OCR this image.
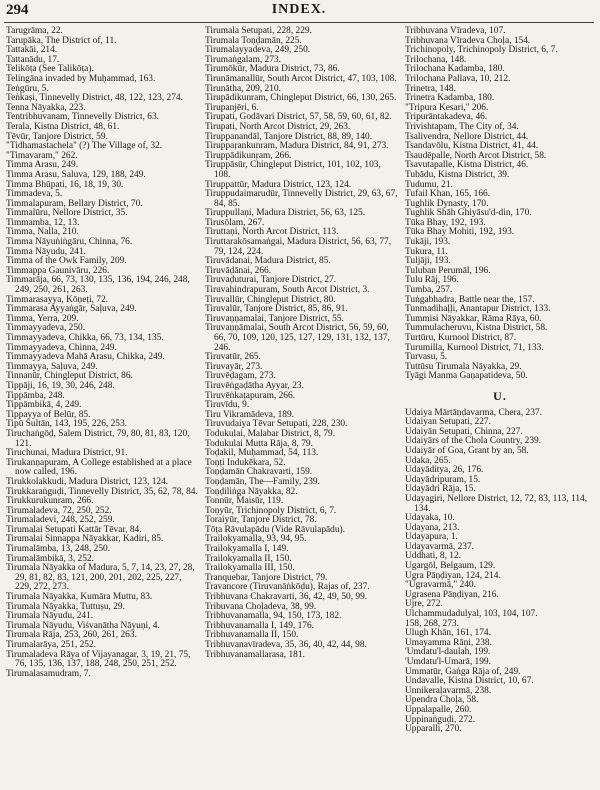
294	INDEX.

Tarugrāma, 22.

Tarupāka, The District of, 11.

Tattakāi, 214.

Tattanādu, 17.

Telikōṭa (See Talikōṭa).

Telingāna invaded by Muḥammad, 163.

Teṅgūru, 5.

Teṅkaṣi, Tinnevelly District, 48, 122, 123, 274.

Tenna Nāyakka, 223.

Tentribhuvanam, Tinnevelly District, 63.

Terala, Kistna District, 48, 61.

Tēvūr, Tanjore District, 59.

"Tidhamastachela" (?) The Village of, 32.

"Timavaram," 262.

Timma Arasu, 249.

Timma Arasu, Saluva, 129, 188, 249.

Timma Bhūpati, 16, 18, 19, 30.

Timmadeva, 5.

Timmalapuram, Bellary District, 70.

Timmalūru, Nellore District, 35.

Timmamba, 12, 13.

Timma, Nalla, 210.

Timma Nāyuṅiṅgāru, Chinna, 76.

Timma Nāyudu, 241.

Timma of the Owk Family, 209.

Timmappa Gaunivāru, 226.

Timmarāja, 66, 73, 130, 135, 136, 194, 246, 248, 249, 250, 261, 263.

Timmarasayya, Kōṇeṭi, 72.

Timmarasa Ayyaṅgār, Saḷuva, 249.

Timma, Yerra, 209.

Timmayyadeva, 250.

Timmayyadeva, Chikka, 66, 73, 134, 135.

Timmayyadeva, Chinna, 249.

Timmayyadeva Mahā Arasu, Chikka, 249.

Timmayya, Saḷuva, 249.

Tinnanūr, Chingleput District, 86.

Tippāji, 16, 19, 30, 246, 248.

Tippāmba, 248.

Tippāmbikā, 4, 249.

Tippayya of Belūr, 85.

Tipū Sultān, 143, 195, 226, 253.

Tiruchaṅgōḍ, Salem District, 79, 80, 81, 83, 120, 121.

Tiruchunai, Madura District, 91.

Tirukanṇapuram, A College established at a place now called, 196.

Tirukkolakkudi, Madura District, 123, 124.

Tirukkaraṅguḍi, Tinnevelly District, 35, 62, 78, 84.

Tirukkurukunram, 266.

Tirumaladeva, 72, 250, 252.

Tirumaladevi, 248, 252, 259.

Tirumalai Setupati Kattār Tēvar, 84.

Tirumalai Sinnappa Nāyakkar, Kadiri, 85.

Tirumalāmba, 13, 248, 250.

Tirumalāmbikā, 3, 252.

Tirumala Nāyakka of Madura, 5, 7, 14, 23, 27, 28, 29, 81, 82, 83, 121, 200, 201, 202, 225, 227, 229, 272, 273.

Tirumala Nāyakka, Kumāra Muttu, 83.

Tirumala Nāyakka, Tuttuṣu, 29.

Tirumala Nāyudu, 241.

Tirumala Nāyudu, Viśvanātha Nāyuṇi, 4.

Tirumala Rāja, 253, 260, 261, 263.

Tirumalarāya, 251, 252.

Tirumaladeva Rāya of Vijayanagar, 3, 19, 21, 75, 76, 135, 136, 137, 188, 248, 250, 251, 252.

Tirumalasamudram, 7.

Tirumala Setupati, 228, 229.

Tirumala Toṇḍamān, 225.

Tirumalayyadeva, 249, 250.

Tirumaṅgalam, 273.

Tirumōkūr, Madura District, 73, 86.

Tirunāmanallūr, South Arcot District, 47, 103, 108.

Tirunātha, 209, 210.

Tirupādikunram, Chingleput District, 66, 130, 265.

Tirupanjēri, 6.

Tirupati, Godāvari District, 57, 58, 59, 60, 61, 82.

Tirupati, North Arcot District, 29, 263.

Tiruppanandāl, Tanjore District, 88, 89, 140.

Tiruppaṛankunram, Madura District, 84, 91, 273.

Tiruppādikunṛam, 266.

Tiruppāsūr, Chingleput District, 101, 102, 103, 108.

Tiruppattūr, Madura District, 123, 124.

Tiruppudaimarudūr, Tinnevelly District, 29, 63, 67, 84, 85.

Tiruppullaṇi, Madura District, 56, 63, 125.

Tirusōlam, 267.

Tiruttaṇi, North Arcot District, 113.

Tiruttarakōsamaṅgai, Madura District, 56, 63, 77, 79, 124, 224.

Tiruvādanai, Madura District, 85.

Tiruvāḍānai, 266.

Tiruvaḍuturai, Tanjore District, 27.

Tiruvahindrapuram, South Arcot District, 3.

Tiruvallūr, Chingleput District, 80.

Tiruvalūr, Tanjore District, 85, 86, 91.

Tiruvaṇṇamalai, Tanjore District, 55.

Tiruvaṇṇāmalai, South Arcot District, 56, 59, 60, 66, 70, 109, 120, 125, 127, 129, 131, 132, 137, 246.

Tiruvatūr, 265.

Tiruvayār, 273.

Tiruvēḍagam, 273.

Tiruvēṅgaḍātha Ayyar, 23.

Tiruvēṅkaṭapuram, 266.

Tiruvīdu, 9.

Tiru Vikramādeva, 189.

Tiruvudaiya Tēvar Setupati, 228, 230.

Todukulai, Malabar District, 8, 79.

Todukulai Mutta Rāja, 8, 79.

Toḍakil, Muḥammad, 54, 113.

Toṇṭi Indukēkara, 52.

Toṇḍamān Chakravarti, 159.

Toṇḍamān, The—Family, 239.

Toṇḍiliṅga Nāyakka, 82.

Tonnūr, Maisūr, 119.

Toṇyūr, Trichinopoly District, 6, 7.

Toraiyūr, Tanjore District, 78.

Tōṭa Rāvulapādu (Vide Rāvulapādu).

Trailokyamalla, 93, 94, 95.

Trailokyamalla I, 149.

Trailokyamalla II, 150.

Trailokyamalla III, 150.

Tranquebar, Tanjore District, 79.

Travancore (Tiruvanāṅkōḍu), Rajas of, 237.

Tribhuvana Chakravarti, 36, 42, 49, 50, 99.

Tribuvana Choḷadeva, 38, 99.

Tribhuvanamalla, 94, 150, 173, 182.

Tribhuvanamalla I, 149, 176.

Tribhuvanamalla II, 150.

Tribhuvanavīradeva, 35, 36, 40, 42, 44, 98.

Tribhuvanamallarasa, 181.

Tribhuvana Vīradeva, 107.

Tribhuvana Vīradeva Choḷa, 154.

Trichinopoly, Trichinopoly District, 6, 7.

Trilochana, 148.

Trilochana Kadamba, 180.

Trilochana Pallava, 10, 212.

Trinetra, 148.

Trinetra Kadamba, 180.

"Tripura Kesari," 206.

Tripurāntakadeva, 46.

Trivishtapam, The City of, 34.

Tsalivendra, Nellore District, 44.

Tsandavōlu, Kistna District, 41, 44.

Tsaudēpalle, North Arcot District, 58.

Tsavutapalle, Kistna District, 46.

Tubādu, Kistna District, 39.

Tudumu, 21.

Tufail Khan, 165, 166.

Tughlik Dynasty, 170.

Tughlik Shāh Ghiyāsu'd-din, 170.

Tūka Bhay, 192, 193.

Tūka Bhay Mohiti, 192, 193.

Tukāji, 193.

Tukura, 11.

Tuljāji, 193.

Tuluban Perumāl, 196.

Tulu Rāj, 196.

Tumba, 257.

Tuṅgabhadra, Battle near the, 157.

Tunmadihaḷḷi, Anantapur District, 133.

Tummisi Nāyakkar, Rāma Rāya, 60.

Tummulacheruvu, Kistna District, 58.

Turtūru, Kurnool District, 87.

Turumilla, Kurnool District, 71, 133.

Turvasu, 5.

Tuttūsu Tirumala Nāyakka, 29.

Tyāgi Manma Gaṇapatideva, 50.

U.

Udaiya Mārtāṇḍavarma, Chera, 237.

Udaiyan Setupati, 227.

Udaiyān Setupati, Chinna, 227.

Udaiyārs of the Chola Country, 239.

Udaiyār of Goa, Grant by an, 58.

Udaka, 265.

Udayāditya, 26, 176.

Udayādripuram, 15.

Udayādri Rāja, 15.

Udayagiri, Nellore District, 12, 72, 83, 113, 114, 134.

Udayaka, 10.

Udayana, 213.

Udayapura, 1.

Udayavarmā, 237.

Uddhati, 8, 12.

Ugargōl, Belgaum, 129.

Ugra Pāṇḍiyan, 124, 214.

"Ugravarmā," 240.

Ugrasena Pāṇḍiyan, 216.

Ujre, 272.

Ulchammudadulyal, 103, 104, 107.

158, 268, 273.

Ulugh Khān, 161, 174.

Umayamma Rāṇi, 238.

'Umdatu'l-daulah, 199.

'Umdatu'l-Umarā, 199.

Ummatūr, Gaṅga Rāja of, 249.

Undavalle, Kistna District, 10, 67.

Unnikeraḷavarmā, 238.

Upendra Choḷa, 58.

Uppalapalle, 260.

Uppinaṅguḍi, 272.

Upparalli, 270.
